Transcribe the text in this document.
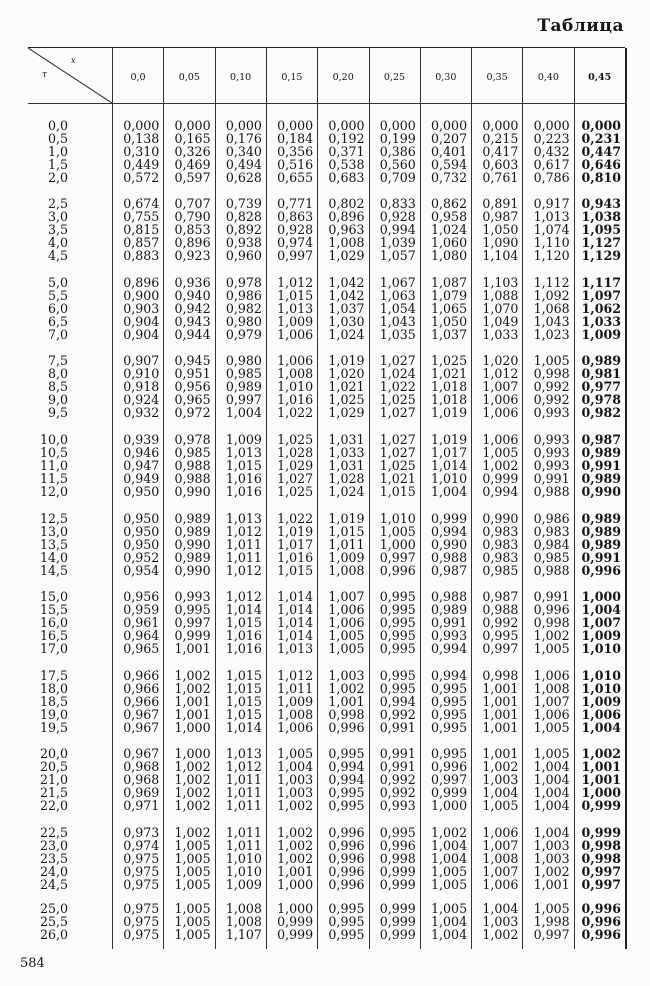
Таблица
x
τ	0,0	0,05	0,10	0,15	0,20	0,25	0,30	0,35	0,40	0,45
0,0	0,000	0,000	0,000	0,000	0,000	0,000	0,000	0,000	0,000 0,000
0,5	0,138	0,165	0,176	0,184	0,192	0,199	0,207	0,215	0,223 0,231
1,0	0,310	0,326	0,340	0,356	0,371	0,386	0,401	0,417	0,432 0,447
1,5	0,449	0,469	0,494	0,516	0,538	0,560	0,594	0,603	0,617 0,646
2,0	0,572	0,597	0,628	0,655	0,683	0,709	0,732	0,761	0,786 0,810
2,5	0,674	0,707	0,739	0,771	0,802	0,833	0,862	0,891	0,917 0,943
3,0	0,755	0,790	0,828	0,863	0,896	0,928	0,958	0,987	1,013 1,038
3,5	0,815	0,853	0,892	0,928	0,963	0,994	1,024	1,050	1,074 1,095
4,0	0,857	0,896	0,938	0,974	1,008	1,039	1,060	1,090	1,110 1,127
4,5	0,883	0,923	0,960	0,997	1,029	1,057	1,080	1,104	1,120 1,129
5,0	0,896	0,936	0,978	1,012	1,042	1,067	1,087	1,103	1,112 1,117
5,5	0,900	0,940	0,986	1,015	1,042	1,063	1,079	1,088	1,092 1,097
6,0	0,903	0,942	0,982	1,013	1,037	1,054	1,065	1,070	1,068 1,062
6,5	0,904	0,943	0,980	1,009	1,030	1,043	1,050	1,049	1,043 1,033
7,0	0,904	0,944	0,979	1,006	1,024	1,035	1,037	1,033	1,023 1,009
7,5	0,907	0,945	0,980	1,006	1,019	1,027	1,025	1,020	1,005 0,989
8,0	0,910	0,951	0,985	1,008	1,020	1,024	1,021	1,012	0,998 0,981
8,5	0,918	0,956	0,989	1,010	1,021	1,022	1,018	1,007	0,992 0,977
9,0	0,924	0,965	0,997	1,016	1,025	1,025	1,018	1,006	0,992 0,978
9,5	0,932	0,972	1,004	1,022	1,029	1,027	1,019	1,006	0,993 0,982
10,0	0,939	0,978	1,009	1,025	1,031	1,027	1,019	1,006	0,993 0,987
10,5	0,946	0,985	1,013	1,028	1,033	1,027	1,017	1,005	0,993 0,989
11,0	0,947	0,988	1,015	1,029	1,031	1,025	1,014	1,002	0,993 0,991
11,5	0,949	0,988	1,016	1,027	1,028	1,021	1,010	0,999	0,991 0,989
12,0	0,950	0,990	1,016	1,025	1,024	1,015	1,004	0,994	0,988 0,990
12,5	0,950	0,989	1,013	1,022	1,019	1,010	0,999	0,990	0,986 0,989
13,0	0,950	0,989	1,012	1,019	1,015	1,005	0,994	0,983	0,983 0,989
13,5	0,950	0,990	1,011	1,017	1,011	1,000	0,990	0,983	0,984 0,989
14,0	0,952	0,989	1,011	1,016	1,009	0,997	0,988	0,983	0,985 0,991
14,5	0,954	0,990	1,012	1,015	1,008	0,996	0,987	0,985	0,988 0,996
15,0	0,956	0,993	1,012	1,014	1,007	0,995	0,988	0,987	0,991 1,000
15,5	0,959	0,995	1,014	1,014	1,006	0,995	0,989	0,988	0,996 1,004
16,0	0,961	0,997	1,015	1,014	1,006	0,995	0,991	0,992	0,998 1,007
16,5	0,964	0,999	1,016	1,014	1,005	0,995	0,993	0,995	1,002 1,009
17,0	0,965	1,001	1,016	1,013	1,005	0,995	0,994	0,997	1,005 1,010
17,5	0,966	1,002	1,015	1,012	1,003	0,995	0,994	0,998	1,006 1,010
18,0	0,966	1,002	1,015	1,011	1,002	0,995	0,995	1,001	1,008 1,010
18,5	0,966	1,001	1,015	1,009	1,001	0,994	0,995	1,001	1,007 1,009
19,0	0,967	1,001	1,015	1,008	0,998	0,992	0,995	1,001	1,006 1,006
19,5	0,967	1,000	1,014	1,006	0,996	0,991	0,995	1,001	1,005 1,004
20,0	0,967	1,000	1,013	1,005	0,995	0,991	0,995	1,001	1,005 1,002
20,5	0,968	1,002	1,012	1,004	0,994	0,991	0,996	1,002	1,004 1,001
21,0	0,968	1,002	1,011	1,003	0,994	0,992	0,997	1,003	1,004 1,001
21,5	0,969	1,002	1,011	1,003	0,995	0,992	0,999	1,004	1,004 1,000
22,0	0,971	1,002	1,011	1,002	0,995	0,993	1,000	1,005	1,004 0,999
22,5	0,973	1,002	1,011	1,002	0,996	0,995	1,002	1,006	1,004 0,999
23,0	0,974	1,005	1,011	1,002	0,996	0,996	1,004	1,007	1,003 0,998
23,5	0,975	1,005	1,010	1,002	0,996	0,998	1,004	1,008	1,003 0,998
24,0	0,975	1,005	1,010	1,001	0,996	0,999	1,005	1,007	1,002 0,997
24,5	0,975	1,005	1,009	1,000	0,996	0,999	1,005	1,006	1,001 0,997
25,0	0,975	1,005	1,008	1,000	0,995	0,999	1,005	1,004	1,005 0,996
25,5	0,975	1,005	1,008	0,999	0,995	0,999	1,004	1,003	1,998 0,996
26,0	0,975	1,005	1,107	0,999	0,995	0,999	1,004	1,002	0,997 0,996
584
